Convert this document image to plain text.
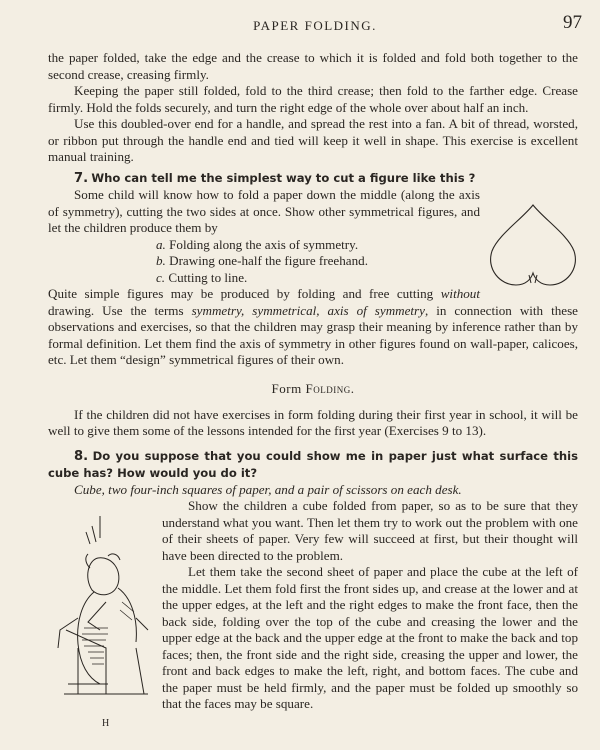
PAPER FOLDING.	97

the paper folded, take the edge and the crease to which it is folded and fold both together to the second crease, creasing firmly.

Keeping the paper still folded, fold to the third crease; then fold to the farther edge. Crease firmly. Hold the folds securely, and turn the right edge of the whole over about half an inch.

Use this doubled-over end for a handle, and spread the rest into a fan. A bit of thread, worsted, or ribbon put through the handle end and tied will keep it well in shape. This exercise is excellent manual training.

7. Who can tell me the simplest way to cut a figure like this ?

Some child will know how to fold a paper down the middle (along the axis of symmetry), cutting the two sides at once. Show other symmetrical figures, and let the children produce them by

a. Folding along the axis of symmetry.
b. Drawing one-half the figure freehand.
c. Cutting to line.

Quite simple figures may be produced by folding and free cutting without drawing. Use the terms symmetry, symmetrical, axis of symmetry, in connection with these observations and exercises, so that the children may grasp their meaning by inference rather than by formal definition. Let them find the axis of symmetry in other figures found on wall-paper, calicoes, etc. Let them “design” symmetrical figures of their own.

Form Folding.

If the children did not have exercises in form folding during their first year in school, it will be well to give them some of the lessons intended for the first year (Exercises 9 to 13).

8. Do you suppose that you could show me in paper just what surface this cube has? How would you do it?

Cube, two four-inch squares of paper, and a pair of scissors on each desk.

Show the children a cube folded from paper, so as to be sure that they understand what you want. Then let them try to work out the problem with one of their sheets of paper. Very few will succeed at first, but their thought will have been directed to the problem.

Let them take the second sheet of paper and place the cube at the left of the middle. Let them fold first the front sides up, and crease at the lower and at the upper edges, at the left and the right edges to make the front face, then the back side, folding over the top of the cube and creasing the lower and the upper edge at the back and the upper edge at the front to make the back and top faces; then, the front side and the right side, creasing the upper and lower, the front and back edges to make the left, right, and bottom faces. The cube and the paper must be held firmly, and the paper must be folded up smoothly so that the faces may be square.

H
